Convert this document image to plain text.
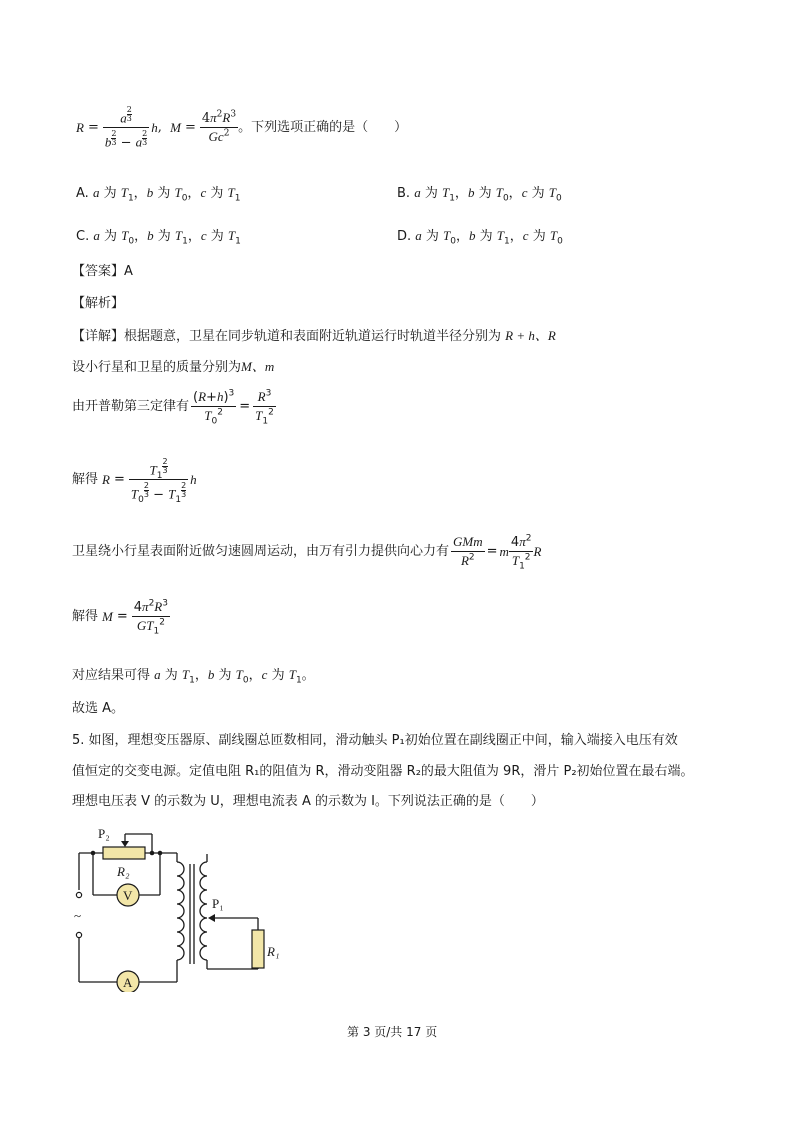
R = a $^{\frac{2}{3}}$
b $^{\frac{2}{3}}$ − a $^{\frac{2}{3}}$ h , $M = \frac{4\pi^2R^3}{Gc^2}$ 。下列选项正确的是（　　）
A. a 为 $T_1$，b 为 $T_0$，c 为 $T_1$	B. a 为 $T_1$，b 为 $T_0$，c 为 $T_0$
C. a 为 $T_0$，b 为 $T_1$，c 为 $T_1$	D. a 为 $T_0$，b 为 $T_1$，c 为 $T_0$
【答案】A
【解析】
【详解】根据题意，卫星在同步轨道和表面附近轨道运行时轨道半径分别为 R + h、R
设小行星和卫星的质量分别为M、m
由开普勒第三定律有 $\frac{(R+h)^3}{T_0^2} = \frac{R^3}{T_1^2}$
解得 $R = T_1$
$^{\frac{2}{3}}$
$T_0$
$^{\frac{2}{3}} - T_1$
$^{\frac{2}{3}}$ h
卫星绕小行星表面附近做匀速圆周运动，由万有引力提供向心力有 $\frac{\text{GMm}}{R^2} = m \frac{4\pi^2}{T_1^2}$ R
解得 $M = \frac{4\pi^2R^3}{GT_1^2}$
对应结果可得 a 为 $T_1$，b 为 $T_0$，c 为 $T_1$。
故选 A。
5. 如图，理想变压器原、副线圈总匝数相同，滑动触头 P₁初始位置在副线圈正中间，输入端接入电压有效
值恒定的交变电源。定值电阻 R₁的阻值为 R，滑动变阻器 R₂的最大阻值为 9R，滑片 P₂初始位置在最右端。
理想电压表 V 的示数为 U，理想电流表 A 的示数为 I。下列说法正确的是（　　）
P₂
R₂
V
A
P₁
R₁
~
第 3 页/共 17 页
